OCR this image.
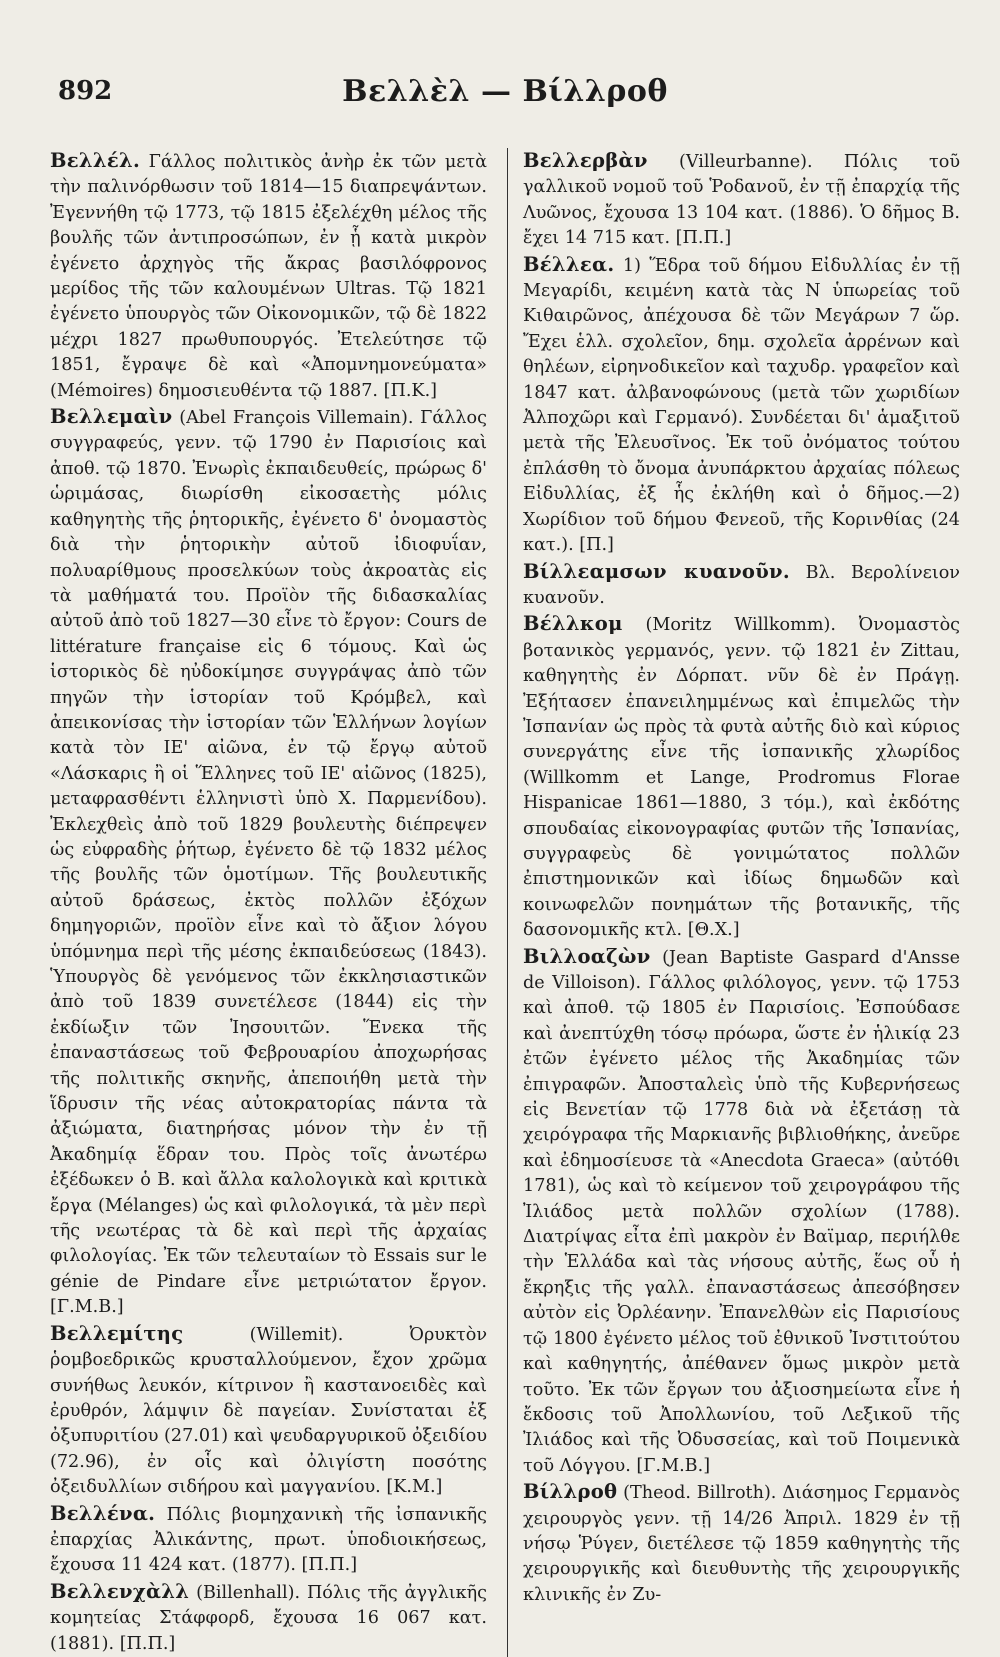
892	Βελλὲλ — Βίλλροθ

Βελλέλ. Γάλλος πολιτικὸς ἀνὴρ ἐκ τῶν μετὰ τὴν παλινόρθωσιν τοῦ 1814—15 διαπρεψάντων. Ἐγεννήθη τῷ 1773, τῷ 1815 ἐξελέχθη μέλος τῆς βουλῆς τῶν ἀντιπροσώπων, ἐν ᾗ κατὰ μικρὸν ἐγένετο ἀρχηγὸς τῆς ἄκρας βασιλόφρονος μερίδος τῆς τῶν καλουμένων Ultras. Τῷ 1821 ἐγένετο ὑπουργὸς τῶν Οἰκονομικῶν, τῷ δὲ 1822 μέχρι 1827 πρωθυπουργός. Ἐτελεύτησε τῷ 1851, ἔγραψε δὲ καὶ «Ἀπομνημονεύματα» (Mémoires) δημοσιευθέντα τῷ 1887. [Π.Κ.]

Βελλεμαὶν (Abel François Villemain). Γάλλος συγγραφεύς, γενν. τῷ 1790 ἐν Παρισίοις καὶ ἀποθ. τῷ 1870. Ἐνωρὶς ἐκπαιδευθείς, πρώρως δ' ὡριμάσας, διωρίσθη εἰκοσαετὴς μόλις καθηγητὴς τῆς ῥητορικῆς, ἐγένετο δ' ὀνομαστὸς διὰ τὴν ῥητορικὴν αὐτοῦ ἰδιοφυΐαν, πολυαρίθμους προσελκύων τοὺς ἀκροατὰς εἰς τὰ μαθήματά του. Προϊὸν τῆς διδασκαλίας αὐτοῦ ἀπὸ τοῦ 1827—30 εἶνε τὸ ἔργον: Cours de littérature française εἰς 6 τόμους. Καὶ ὡς ἱστορικὸς δὲ ηὐδοκίμησε συγγράψας ἀπὸ τῶν πηγῶν τὴν ἱστορίαν τοῦ Κρόμβελ, καὶ ἀπεικονίσας τὴν ἱστορίαν τῶν Ἑλλήνων λογίων κατὰ τὸν ΙΕ' αἰῶνα, ἐν τῷ ἔργῳ αὐτοῦ «Λάσκαρις ἢ οἱ Ἕλληνες τοῦ ΙΕ' αἰῶνος (1825), μεταφρασθέντι ἑλληνιστὶ ὑπὸ Χ. Παρμενίδου). Ἐκλεχθεὶς ἀπὸ τοῦ 1829 βουλευτὴς διέπρεψεν ὡς εὐφραδὴς ῥήτωρ, ἐγένετο δὲ τῷ 1832 μέλος τῆς βουλῆς τῶν ὁμοτίμων. Τῆς βουλευτικῆς αὐτοῦ δράσεως, ἐκτὸς πολλῶν ἐξόχων δημηγοριῶν, προϊὸν εἶνε καὶ τὸ ἄξιον λόγου ὑπόμνημα περὶ τῆς μέσης ἐκπαιδεύσεως (1843). Ὑπουργὸς δὲ γενόμενος τῶν ἐκκλησιαστικῶν ἀπὸ τοῦ 1839 συνετέλεσε (1844) εἰς τὴν ἐκδίωξιν τῶν Ἰησουιτῶν. Ἕνεκα τῆς ἐπαναστάσεως τοῦ Φεβρουαρίου ἀποχωρήσας τῆς πολιτικῆς σκηνῆς, ἀπεποιήθη μετὰ τὴν ἵδρυσιν τῆς νέας αὐτοκρατορίας πάντα τὰ ἀξιώματα, διατηρήσας μόνον τὴν ἐν τῇ Ἀκαδημίᾳ ἕδραν του. Πρὸς τοῖς ἀνωτέρω ἐξέδωκεν ὁ Β. καὶ ἄλλα καλολογικὰ καὶ κριτικὰ ἔργα (Mélanges) ὡς καὶ φιλολογικά, τὰ μὲν περὶ τῆς νεωτέρας τὰ δὲ καὶ περὶ τῆς ἀρχαίας φιλολογίας. Ἐκ τῶν τελευταίων τὸ Essais sur le génie de Pindare εἶνε μετριώτατον ἔργον. [Γ.Μ.Β.]

Βελλεμίτης	(Willemit). Ὀρυκτὸν ῥομβοεδρικῶς κρυσταλλούμενον, ἔχον χρῶμα συνήθως λευκόν, κίτρινον ἢ καστανοειδὲς καὶ ἐρυθρόν, λάμψιν δὲ παγείαν. Συνίσταται ἐξ ὀξυπυριτίου (27.01) καὶ ψευδαργυρικοῦ ὀξειδίου (72.96), ἐν οἷς καὶ ὀλιγίστη ποσότης ὀξειδυλλίων σιδήρου καὶ μαγγανίου. [Κ.Μ.]

Βελλένα. Πόλις βιομηχανικὴ τῆς ἰσπανικῆς ἐπαρχίας Ἀλικάντης, πρωτ. ὑποδιοικήσεως, ἔχουσα 11 424 κατ. (1877). [Π.Π.]

Βελλενχὰλλ (Billenhall). Πόλις τῆς ἀγγλικῆς κομητείας Στάφφορδ, ἔχουσα 16 067 κατ. (1881). [Π.Π.]

Βελλερβὰν (Villeurbanne). Πόλις τοῦ γαλλικοῦ νομοῦ τοῦ Ῥοδανοῦ, ἐν τῇ ἐπαρχίᾳ τῆς Λυῶνος, ἔχουσα 13 104 κατ. (1886). Ὁ δῆμος Β. ἔχει 14 715 κατ. [Π.Π.]

Βέλλεα. 1) Ἕδρα τοῦ δήμου Εἰδυλλίας ἐν τῇ Μεγαρίδι, κειμένη κατὰ τὰς Ν ὑπωρείας τοῦ Κιθαιρῶνος, ἀπέχουσα δὲ τῶν Μεγάρων 7 ὥρ. Ἔχει ἑλλ. σχολεῖον, δημ. σχολεῖα ἀρρένων καὶ θηλέων, εἰρηνοδικεῖον καὶ ταχυδρ. γραφεῖον καὶ 1847 κατ. ἀλβανοφώνους (μετὰ τῶν χωριδίων Ἀλποχῶρι καὶ Γερμανό). Συνδέεται δι' ἁμαξιτοῦ μετὰ τῆς Ἐλευσῖνος. Ἐκ τοῦ ὀνόματος τούτου ἐπλάσθη τὸ ὄνομα ἀνυπάρκτου ἀρχαίας πόλεως Εἰδυλλίας, ἐξ ἧς ἐκλήθη καὶ ὁ δῆμος.—2) Χωρίδιον τοῦ δήμου Φενεοῦ, τῆς Κορινθίας (24 κατ.). [Π.]

Βίλλεαμσων κυανοῦν. Βλ. Βερολίνειον κυανοῦν.

Βέλλκομ (Moritz Willkomm). Ὀνομαστὸς βοτανικὸς γερμανός, γενν. τῷ 1821 ἐν Zittau, καθηγητὴς ἐν Δόρπατ. νῦν δὲ ἐν Πράγῃ. Ἐξήτασεν ἐπανειλημμένως καὶ ἐπιμελῶς τὴν Ἰσπανίαν ὡς πρὸς τὰ φυτὰ αὐτῆς διὸ καὶ κύριος συνεργάτης εἶνε τῆς ἰσπανικῆς χλωρίδος (Willkomm et Lange, Prodromus Florae Hispanicae 1861—1880, 3 τόμ.), καὶ ἐκδότης σπουδαίας εἰκονογραφίας φυτῶν τῆς Ἰσπανίας, συγγραφεὺς δὲ γονιμώτατος πολλῶν ἐπιστημονικῶν καὶ ἰδίως δημωδῶν καὶ κοινωφελῶν πονημάτων τῆς βοτανικῆς, τῆς δασονομικῆς κτλ. [Θ.Χ.]

Βιλλοαζὼν (Jean Baptiste Gaspard d'Ansse de Villoison). Γάλλος φιλόλογος, γενν. τῷ 1753 καὶ ἀποθ. τῷ 1805 ἐν Παρισίοις. Ἐσπούδασε καὶ ἀνεπτύχθη τόσῳ πρόωρα, ὥστε ἐν ἡλικίᾳ 23 ἐτῶν ἐγένετο μέλος τῆς Ἀκαδημίας τῶν ἐπιγραφῶν. Ἀποσταλεὶς ὑπὸ τῆς Κυβερνήσεως εἰς Βενετίαν τῷ 1778 διὰ νὰ ἐξετάσῃ τὰ χειρόγραφα τῆς Μαρκιανῆς βιβλιοθήκης, ἀνεῦρε καὶ ἐδημοσίευσε τὰ «Anecdota Graeca» (αὐτόθι 1781), ὡς καὶ τὸ κείμενον τοῦ χειρογράφου τῆς Ἰλιάδος μετὰ πολλῶν σχολίων (1788). Διατρίψας εἶτα ἐπὶ μακρὸν ἐν Βαϊμαρ, περιήλθε τὴν Ἑλλάδα καὶ τὰς νήσους αὐτῆς, ἕως οὗ ἡ ἔκρηξις τῆς γαλλ. ἐπαναστάσεως ἀπεσόβησεν αὐτὸν εἰς Ὀρλέανην. Ἐπανελθὼν εἰς Παρισίους τῷ 1800 ἐγένετο μέλος τοῦ ἐθνικοῦ Ἰνστιτούτου καὶ καθηγητής, ἀπέθανεν ὅμως μικρὸν μετὰ τοῦτο. Ἐκ τῶν ἔργων του ἀξιοσημείωτα εἶνε ἡ ἔκδοσις τοῦ Ἀπολλωνίου, τοῦ Λεξικοῦ τῆς Ἰλιάδος καὶ τῆς Ὀδυσσείας, καὶ τοῦ Ποιμενικὰ τοῦ Λόγγου. [Γ.Μ.Β.]

Βίλλροθ (Theod. Billroth). Διάσημος Γερμανὸς χειρουργὸς γενν. τῇ 14/26 Ἀπριλ. 1829 ἐν τῇ νήσῳ Ῥύγεν, διετέλεσε τῷ 1859 καθηγητὴς τῆς χειρουργικῆς καὶ διευθυντὴς τῆς χειρουργικῆς κλινικῆς ἐν Ζυ-
